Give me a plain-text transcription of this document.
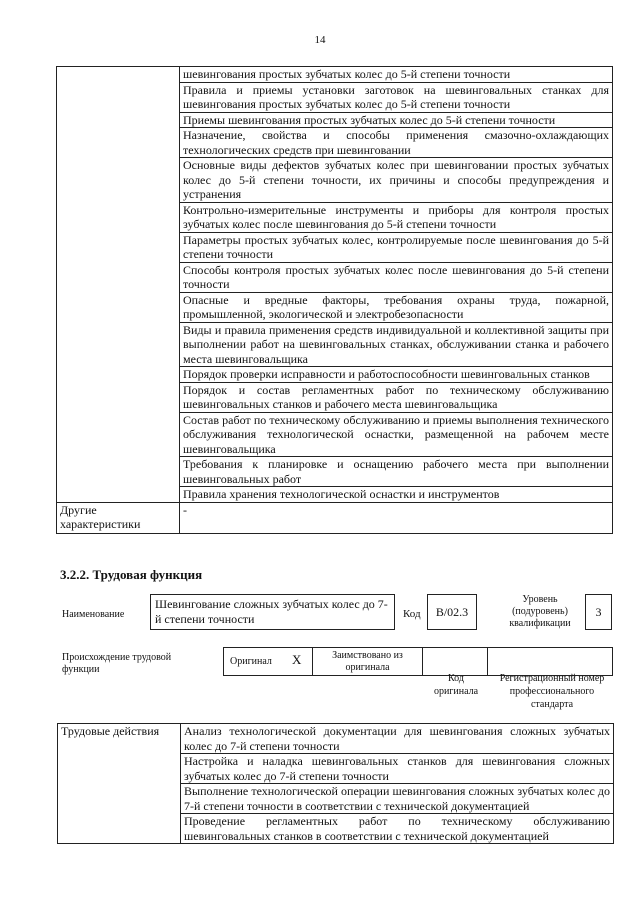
14
	шевингования простых зубчатых колес до 5-й степени точности
	Правила и приемы установки заготовок на шевинговальных станках для шевингования простых зубчатых колес до 5-й степени точности
	Приемы шевингования простых зубчатых колес до 5-й степени точности
	Назначение, свойства и способы применения смазочно-охлаждающих технологических средств при шевинговании
	Основные виды дефектов зубчатых колес при шевинговании простых зубчатых колес до 5-й степени точности, их причины и способы предупреждения и устранения
	Контрольно-измерительные инструменты и приборы для контроля простых зубчатых колес после шевингования до 5-й степени точности
	Параметры простых зубчатых колес, контролируемые после шевингования до 5-й степени точности
	Способы контроля простых зубчатых колес после шевингования до 5-й степени точности
	Опасные и вредные факторы, требования охраны труда, пожарной, промышленной, экологической и электробезопасности
	Виды и правила применения средств индивидуальной и коллективной защиты при выполнении работ на шевинговальных станках, обслуживании станка и рабочего места шевинговальщика
	Порядок проверки исправности и работоспособности шевинговальных станков
	Порядок и состав регламентных работ по техническому обслуживанию шевинговальных станков и рабочего места шевинговальщика
	Состав работ по техническому обслуживанию и приемы выполнения технического обслуживания технологической оснастки, размещенной на рабочем месте шевинговальщика
	Требования к планировке и оснащению рабочего места при выполнении шевинговальных работ
	Правила хранения технологической оснастки и инструментов
Другие характеристики	-
3.2.2. Трудовая функция
Наименование
Шевингование сложных зубчатых колес до 7-й степени точности	Код	B/02.3
Уровень (подуровень) квалификации
3
Происхождение трудовой функции
Оригинал X	Заимствовано из оригинала
Код оригинала
Регистрационный номер профессионального стандарта
Трудовые действия	Анализ технологической документации для шевингования сложных зубчатых колес до 7-й степени точности
Настройка и наладка шевинговальных станков для шевингования сложных зубчатых колес до 7-й степени точности
Выполнение технологической операции шевингования сложных зубчатых колес до 7-й степени точности в соответствии с технической документацией
Проведение регламентных работ по техническому обслуживанию шевинговальных станков в соответствии с технической документацией
